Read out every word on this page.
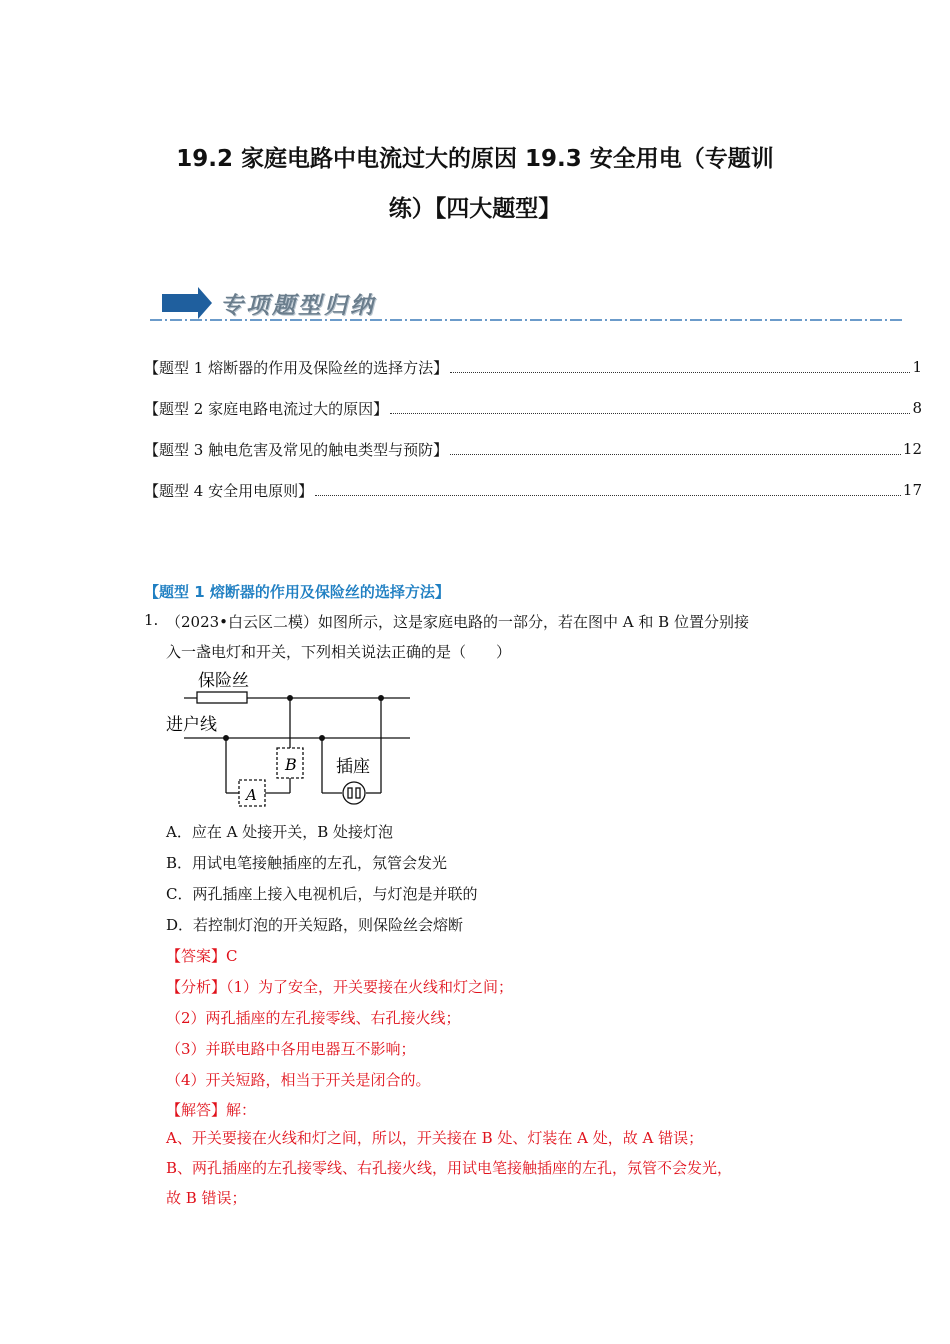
19.2 家庭电路中电流过大的原因 19.3 安全用电（专题训
练）【四大题型】
专项题型归纳
【题型 1 熔断器的作用及保险丝的选择方法】	1
【题型 2 家庭电路电流过大的原因】	8
【题型 3 触电危害及常见的触电类型与预防】	12
【题型 4 安全用电原则】	17
【题型 1 熔断器的作用及保险丝的选择方法】
1. （2023•白云区二模）如图所示，这是家庭电路的一部分，若在图中 A 和 B 位置分别接
入一盏电灯和开关，下列相关说法正确的是（　　）
保险丝
进户线
插座
B
A
A．应在 A 处接开关，B 处接灯泡
B．用试电笔接触插座的左孔，氖管会发光
C．两孔插座上接入电视机后，与灯泡是并联的
D．若控制灯泡的开关短路，则保险丝会熔断
【答案】C
【分析】（1）为了安全，开关要接在火线和灯之间；
（2）两孔插座的左孔接零线、右孔接火线；
（3）并联电路中各用电器互不影响；
（4）开关短路，相当于开关是闭合的。
【解答】解：
A、开关要接在火线和灯之间，所以，开关接在 B 处、灯装在 A 处，故 A 错误；
B、两孔插座的左孔接零线、右孔接火线，用试电笔接触插座的左孔，氖管不会发光，
故 B 错误；
